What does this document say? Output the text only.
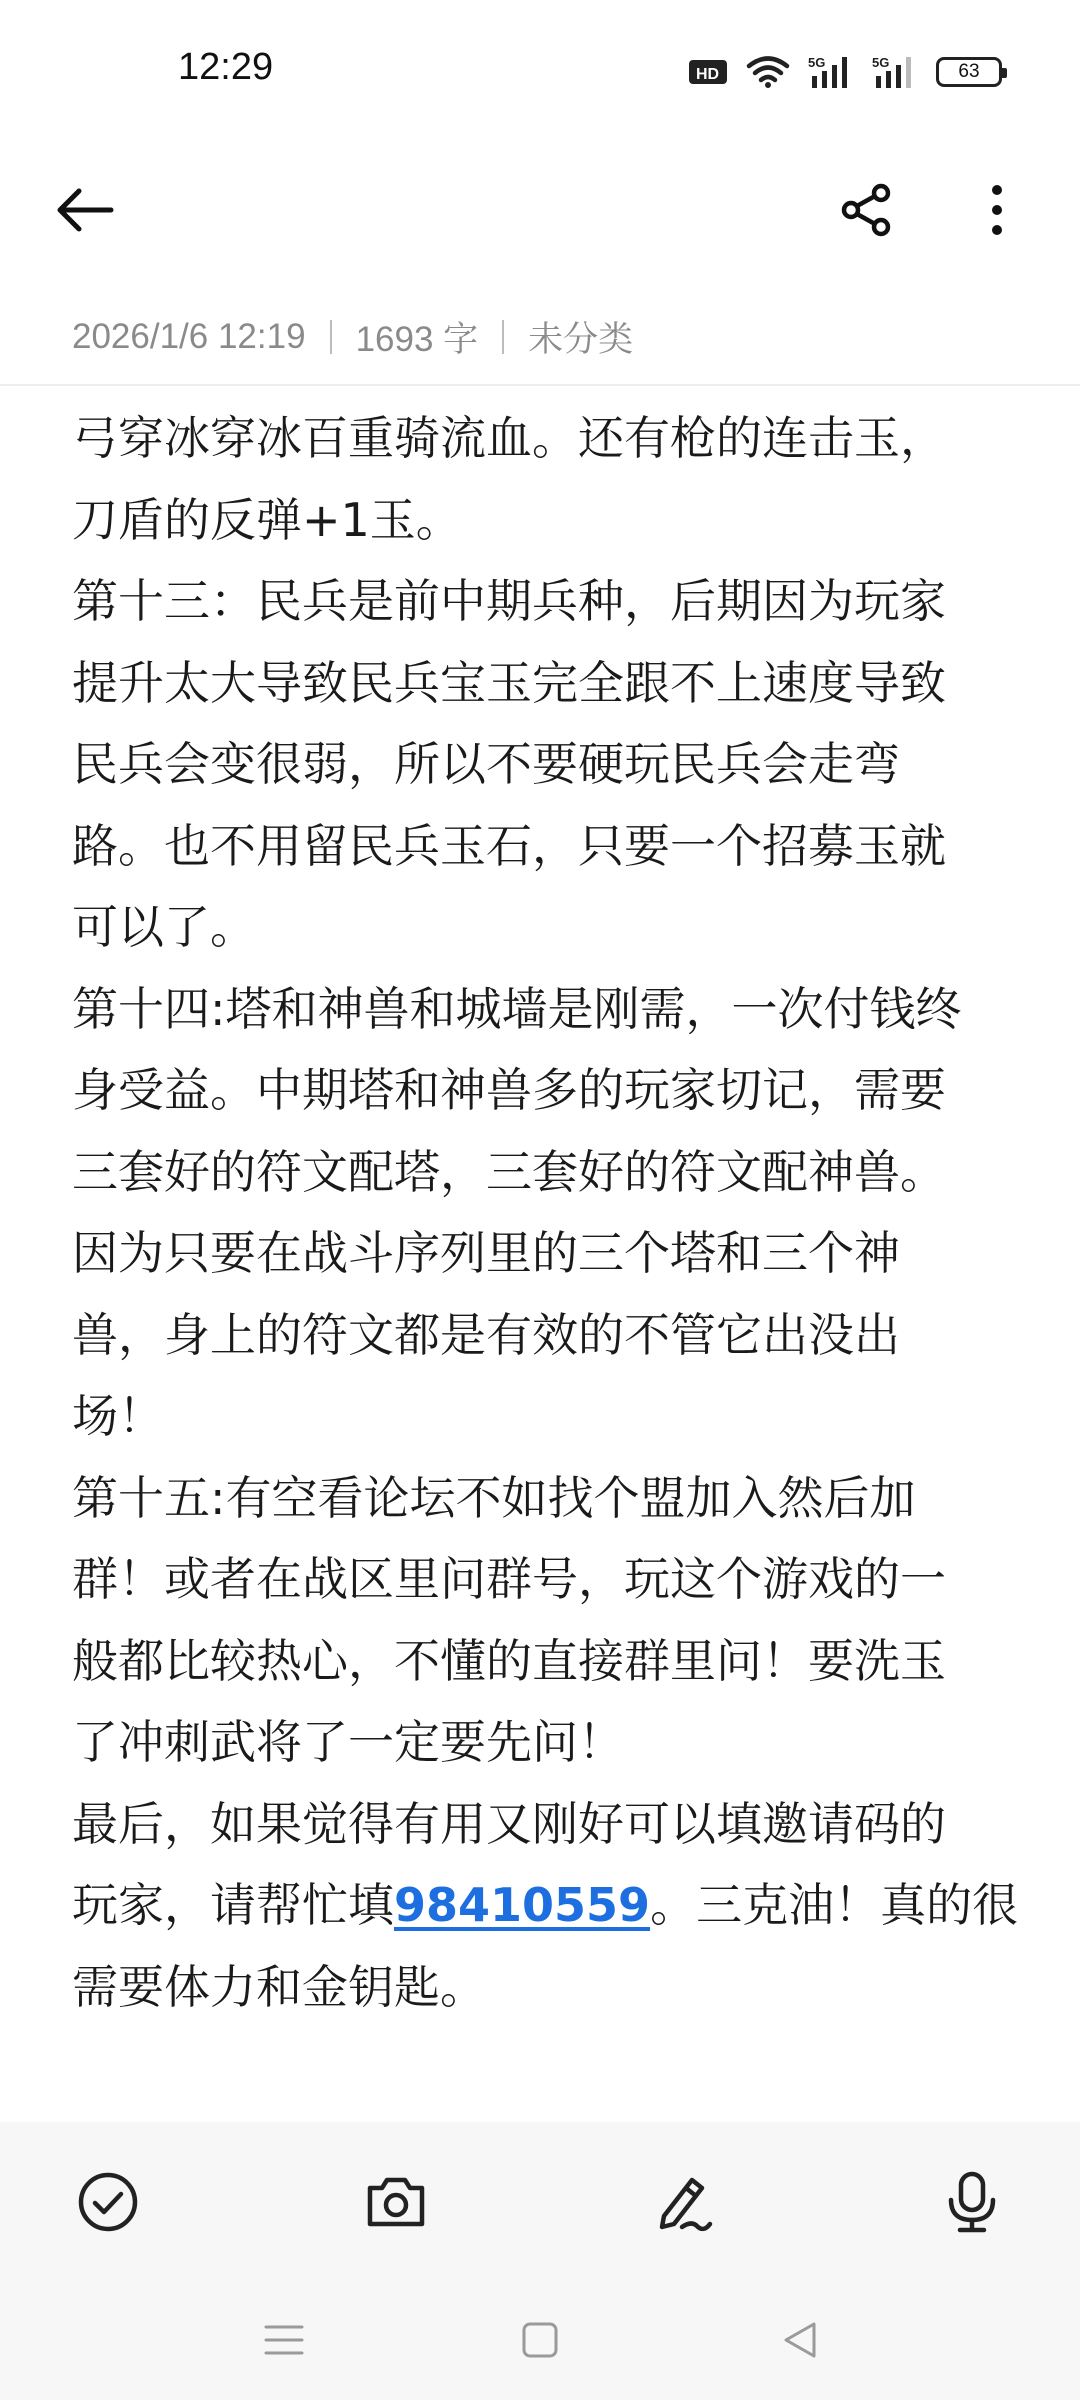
12:29	HD
5G	5G	63
2026/1/6 12:19 1693 字 未分类
弓穿冰穿冰百重骑流血。还有枪的连击玉，
刀盾的反弹+1玉。
第十三：民兵是前中期兵种，后期因为玩家
提升太大导致民兵宝玉完全跟不上速度导致
民兵会变很弱，所以不要硬玩民兵会走弯
路。也不用留民兵玉石，只要一个招募玉就
可以了。
第十四:塔和神兽和城墙是刚需，一次付钱终
身受益。中期塔和神兽多的玩家切记，需要
三套好的符文配塔，三套好的符文配神兽。
因为只要在战斗序列里的三个塔和三个神
兽，身上的符文都是有效的不管它出没出
场！
第十五:有空看论坛不如找个盟加入然后加
群！或者在战区里问群号，玩这个游戏的一
般都比较热心，不懂的直接群里问！要洗玉
了冲刺武将了一定要先问！
最后，如果觉得有用又刚好可以填邀请码的
玩家，请帮忙填98410559。三克油！真的很
需要体力和金钥匙。
